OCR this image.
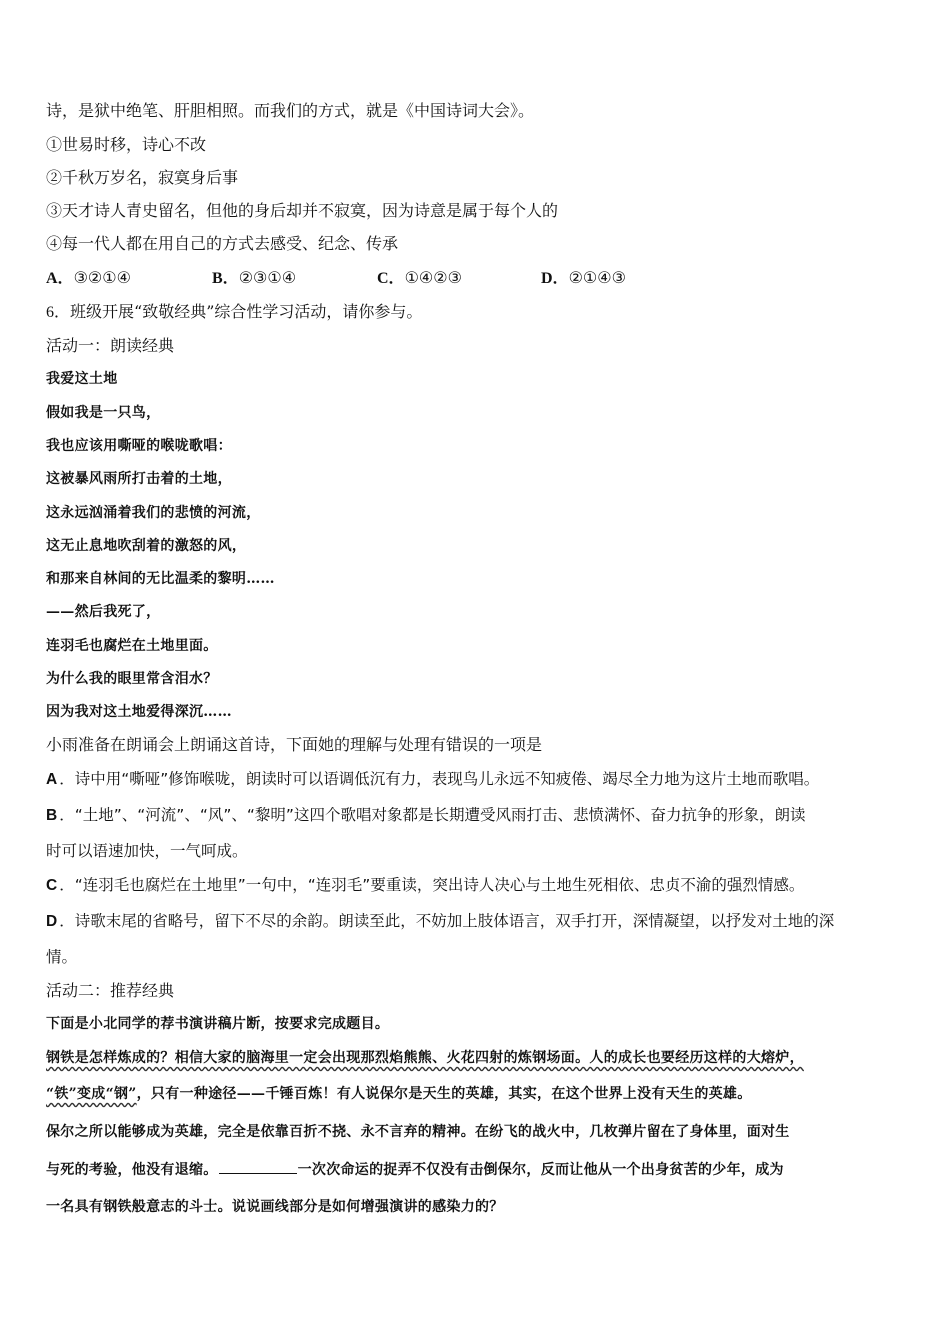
诗，是狱中绝笔、肝胆相照。而我们的方式，就是《中国诗词大会》。
①世易时移，诗心不改
②千秋万岁名，寂寞身后事
③天才诗人青史留名，但他的身后却并不寂寞，因为诗意是属于每个人的
④每一代人都在用自己的方式去感受、纪念、传承
A．③②①④	B．②③①④	C．①④②③	D．②①④③
6．班级开展“致敬经典”综合性学习活动，请你参与。
活动一：朗读经典
我爱这土地
假如我是一只鸟，
我也应该用嘶哑的喉咙歌唱：
这被暴风雨所打击着的土地，
这永远汹涌着我们的悲愤的河流，
这无止息地吹刮着的激怒的风，
和那来自林间的无比温柔的黎明……
——然后我死了，
连羽毛也腐烂在土地里面。
为什么我的眼里常含泪水？
因为我对这土地爱得深沉……
小雨准备在朗诵会上朗诵这首诗，下面她的理解与处理有错误的一项是
A ．诗中用“嘶哑”修饰喉咙，朗读时可以语调低沉有力，表现鸟儿永远不知疲倦、竭尽全力地为这片土地而歌唱。
B ．“土地”、“河流”、“风”、“黎明”这四个歌唱对象都是长期遭受风雨打击、悲愤满怀、奋力抗争的形象，朗读
时可以语速加快，一气呵成。
C ．“连羽毛也腐烂在土地里”一句中，“连羽毛”要重读，突出诗人决心与土地生死相依、忠贞不渝的强烈情感。
D ．诗歌末尾的省略号，留下不尽的余韵。朗读至此，不妨加上肢体语言，双手打开，深情凝望，以抒发对土地的深
情。
活动二：推荐经典
下面是小北同学的荐书演讲稿片断，按要求完成题目。
钢铁是怎样炼成的？相信大家的脑海里一定会出现那烈焰熊熊、火花四射的炼钢场面。人的成长也要经历这样的大熔炉，
“铁”变成“钢”，只有一种途径——千锤百炼！有人说保尔是天生的英雄，其实，在这个世界上没有天生的英雄。
保尔之所以能够成为英雄，完全是依靠百折不挠、永不言弃的精神。在纷飞的战火中，几枚弹片留在了身体里，面对生
与死的考验，他没有退缩。	一次次命运的捉弄不仅没有击倒保尔，反而让他从一个出身贫苦的少年，成为
一名具有钢铁般意志的斗士。说说画线部分是如何增强演讲的感染力的？
